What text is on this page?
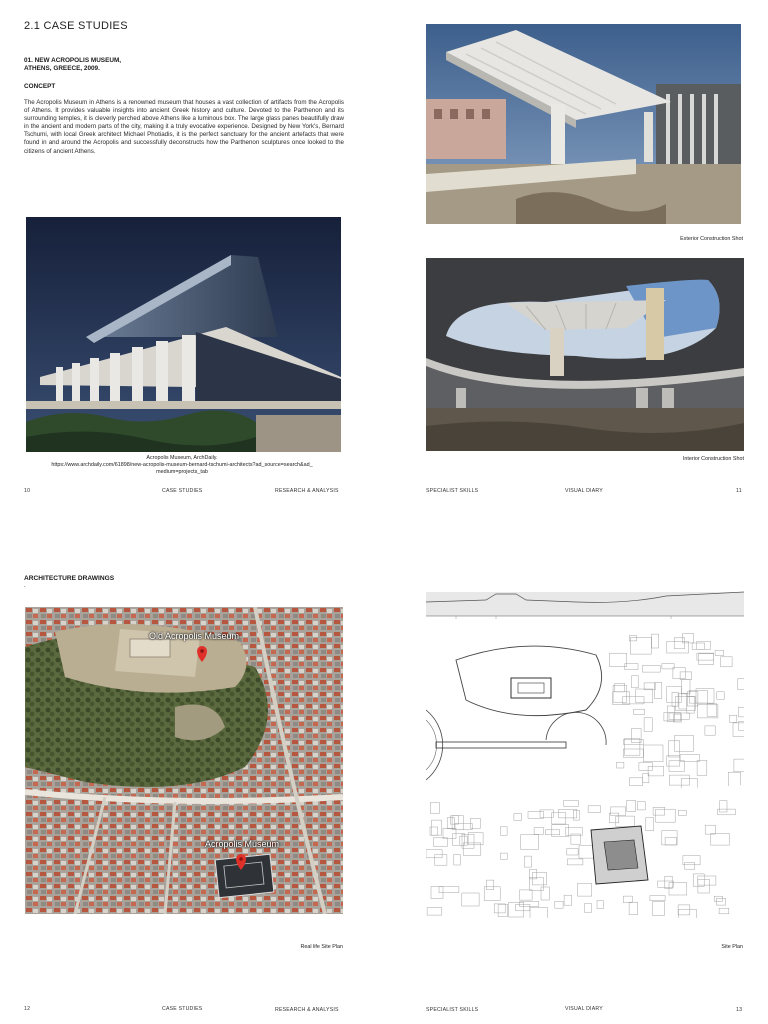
2.1 CASE STUDIES
01. NEW ACROPOLIS MUSEUM,
ATHENS, GREECE, 2009.
CONCEPT
The Acropolis Museum in Athens is a renowned museum that houses a vast collection of artifacts from the Acropolis of Athens. It provides valuable insights into ancient Greek history and culture. Devoted to the Parthenon and its surrounding temples, it is cleverly perched above Athens like a luminous box. The large glass panes beautifully draw in the ancient and modern parts of the city, making it a truly evocative experience. Designed by New York's, Bernard Tschumi, with local Greek architect Michael Photiadis, it is the perfect sanctuary for the ancient artefacts that were found in and around the Acropolis and successfully deconstructs how the Parthenon sculptures once looked to the citizens of ancient Athens.
Acropolis Museum, ArchDaily.
https://www.archdaily.com/61898/new-acropolis-museum-bernard-tschumi-architects?ad_source=search&ad_
medium=projects_tab
Exterior Construction Shot
Interior Construction Shot
10	CASE STUDIES	RESEARCH & ANALYSIS	SPECIALIST SKILLS	VISUAL DIARY	11
ARCHITECTURE DRAWINGS
.
Old Acropolis Museum
Acropolis Museum
Real life Site Plan	Site Plan
12	CASE STUDIES	RESEARCH & ANALYSIS	SPECIALIST SKILLS	VISUAL DIARY	13
